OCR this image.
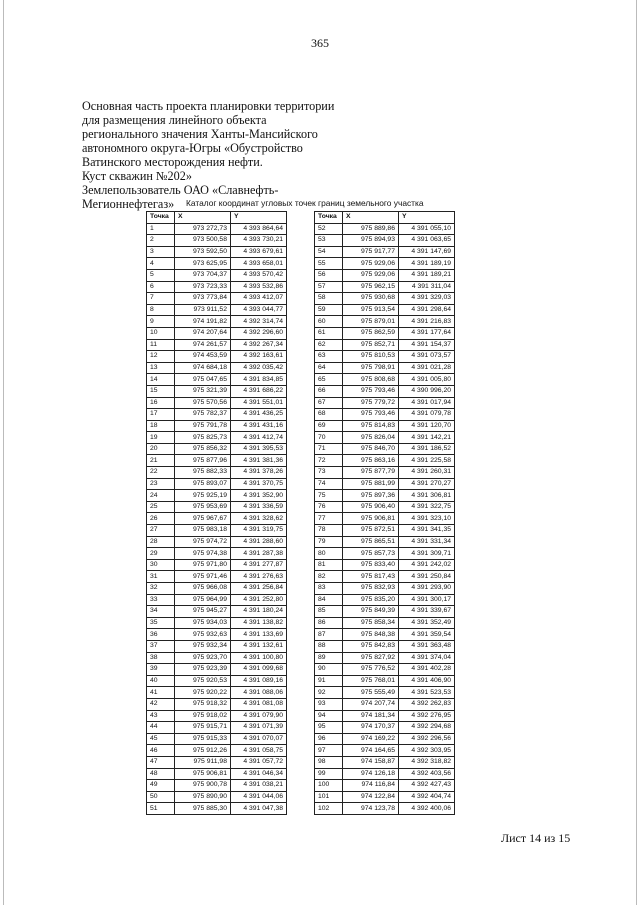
365
Основная часть проекта планировки территории
для размещения линейного объекта
регионального значения Ханты-Мансийского
автономного округа-Югры «Обустройство
Ватинского месторождения нефти.
Куст скважин №202»
Землепользователь ОАО «Славнефть-
Мегионнефтегаз»	Каталог координат угловых точек границ земельного участка
Точка	X	Y
1	973 272,73	4 393 864,64
2	973 500,58	4 393 730,21
3	973 592,50	4 393 679,61
4	973 625,95	4 393 658,01
5	973 704,37	4 393 570,42
6	973 723,33	4 393 532,86
7	973 773,84	4 393 412,07
8	973 911,52	4 393 044,77
9	974 191,82	4 392 314,74
10	974 207,64	4 392 296,60
11	974 261,57	4 392 267,34
12	974 453,59	4 392 163,61
13	974 684,18	4 392 035,42
14	975 047,65	4 391 834,85
15	975 321,39	4 391 686,22
16	975 570,56	4 391 551,01
17	975 782,37	4 391 436,25
18	975 791,78	4 391 431,16
19	975 825,73	4 391 412,74
20	975 856,32	4 391 395,53
21	975 877,96	4 391 381,36
22	975 882,33	4 391 378,26
23	975 893,07	4 391 370,75
24	975 925,19	4 391 352,90
25	975 953,69	4 391 336,59
26	975 967,67	4 391 328,62
27	975 983,18	4 391 319,75
28	975 974,72	4 391 288,60
29	975 974,38	4 391 287,38
30	975 971,80	4 391 277,87
31	975 971,46	4 391 276,63
32	975 966,08	4 391 256,84
33	975 964,99	4 391 252,80
34	975 945,27	4 391 180,24
35	975 934,03	4 391 138,82
36	975 932,63	4 391 133,69
37	975 932,34	4 391 132,61
38	975 923,70	4 391 100,80
39	975 923,39	4 391 099,68
40	975 920,53	4 391 089,16
41	975 920,22	4 391 088,06
42	975 918,32	4 391 081,08
43	975 918,02	4 391 079,90
44	975 915,71	4 391 071,39
45	975 915,33	4 391 070,07
46	975 912,26	4 391 058,75
47	975 911,98	4 391 057,72
48	975 906,81	4 391 046,34
49	975 900,78	4 391 038,21
50	975 890,90	4 391 044,06
51	975 885,30	4 391 047,38
Точка	X	Y
52	975 889,86	4 391 055,10
53	975 894,93	4 391 063,65
54	975 917,77	4 391 147,69
55	975 929,06	4 391 189,19
56	975 929,06	4 391 189,21
57	975 962,15	4 391 311,04
58	975 930,68	4 391 329,03
59	975 913,54	4 391 298,64
60	975 879,01	4 391 216,83
61	975 862,59	4 391 177,64
62	975 852,71	4 391 154,37
63	975 810,53	4 391 073,57
64	975 798,91	4 391 021,28
65	975 808,68	4 391 005,80
66	975 793,46	4 390 996,20
67	975 779,72	4 391 017,94
68	975 793,46	4 391 079,78
69	975 814,83	4 391 120,70
70	975 826,04	4 391 142,21
71	975 846,70	4 391 186,52
72	975 863,16	4 391 225,58
73	975 877,79	4 391 260,31
74	975 881,99	4 391 270,27
75	975 897,36	4 391 306,81
76	975 906,40	4 391 322,75
77	975 906,81	4 391 323,10
78	975 872,51	4 391 341,35
79	975 865,51	4 391 331,34
80	975 857,73	4 391 309,71
81	975 833,40	4 391 242,02
82	975 817,43	4 391 250,84
83	975 832,93	4 391 293,90
84	975 835,20	4 391 300,17
85	975 849,39	4 391 339,67
86	975 858,34	4 391 352,49
87	975 848,38	4 391 359,54
88	975 842,83	4 391 363,48
89	975 827,92	4 391 374,04
90	975 776,52	4 391 402,28
91	975 768,01	4 391 406,90
92	975 555,49	4 391 523,53
93	974 207,74	4 392 262,83
94	974 181,34	4 392 276,95
95	974 170,37	4 392 294,68
96	974 169,22	4 392 296,56
97	974 164,65	4 392 303,95
98	974 158,87	4 392 318,82
99	974 126,18	4 392 403,56
100	974 116,84	4 392 427,43
101	974 122,84	4 392 404,74
102	974 123,78	4 392 400,06
Лист 14 из 15
